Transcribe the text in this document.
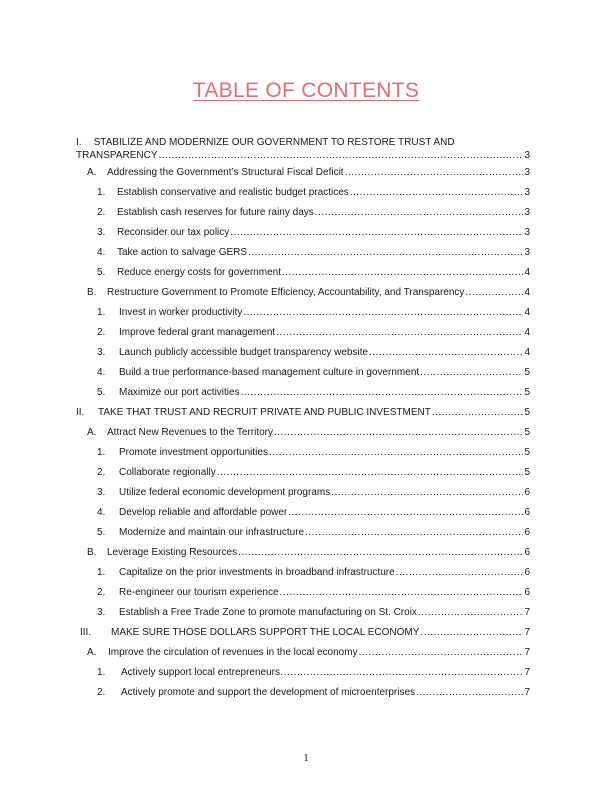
TABLE OF CONTENTS
I. STABILIZE AND MODERNIZE OUR GOVERNMENT TO RESTORE TRUST AND
TRANSPARENCY .....	3
A.	Addressing the Government’s Structural Fiscal Deficit .....	3
1.	Establish conservative and realistic budget practices .....	3
2.	Establish cash reserves for future rainy days .....	3
3.	Reconsider our tax policy .....	3
4.	Take action to salvage GERS .....	3
5.	Reduce energy costs for government .....	4
B.	Restructure Government to Promote Efficiency, Accountability, and Transparency .....	4
1.	Invest in worker productivity .....	4
2.	Improve federal grant management .....	4
3.	Launch publicly accessible budget transparency website .....	4
4.	Build a true performance-based management culture in government .....	5
5.	Maximize our port activities .....	5
II.	TAKE THAT TRUST AND RECRUIT PRIVATE AND PUBLIC INVESTMENT .....	5
A.	Attract New Revenues to the Territory .....	5
1.	Promote investment opportunities .....	5
2.	Collaborate regionally .....	5
3.	Utilize federal economic development programs .....	6
4.	Develop reliable and affordable power .....	6
5.	Modernize and maintain our infrastructure .....	6
B.	Leverage Existing Resources .....	6
1.	Capitalize on the prior investments in broadband infrastructure .....	6
2.	Re-engineer our tourism experience .....	6
3.	Establish a Free Trade Zone to promote manufacturing on St. Croix .....	7
III.	MAKE SURE THOSE DOLLARS SUPPORT THE LOCAL ECONOMY .....	7
A.	Improve the circulation of revenues in the local economy .....	7
1.	Actively support local entrepreneurs. .....	7
2.	Actively promote and support the development of microenterprises .....	7
1
